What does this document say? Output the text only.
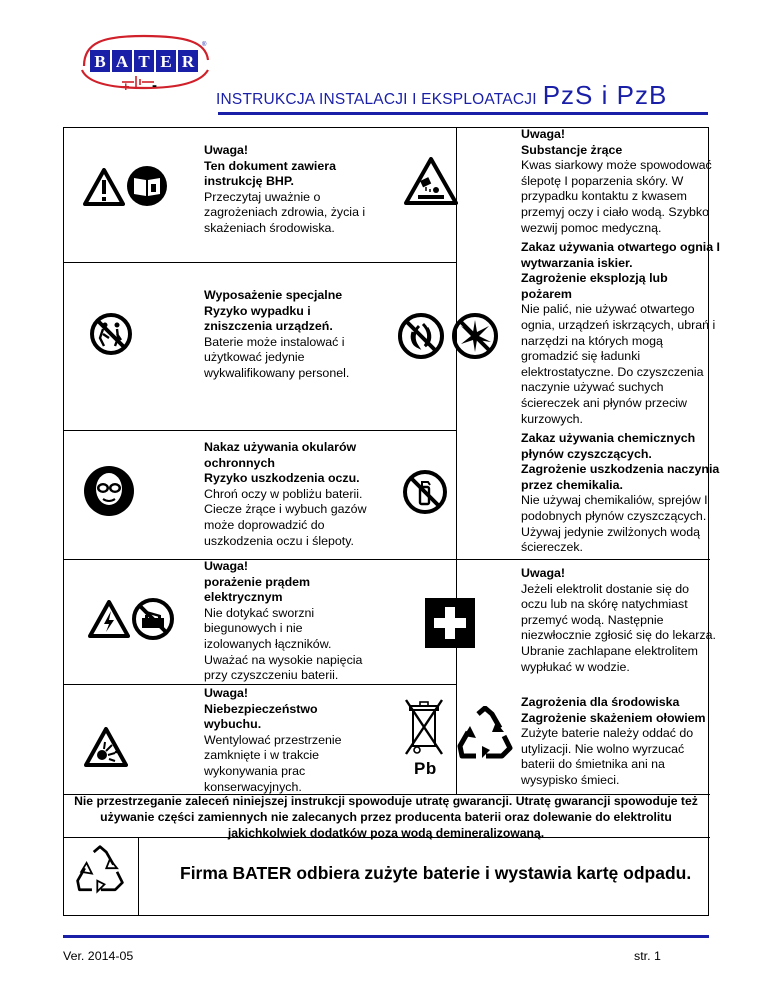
B A T E R
®
+ -
INSTRUKCJA INSTALACJI I EKSPLOATACJI PzS i PzB
Uwaga!
Ten dokument zawiera
instrukcję BHP.
Przeczytaj uważnie o
zagrożeniach zdrowia, życia i
skażeniach środowiska.
Uwaga!
Substancje żrące
Kwas siarkowy może spowodować
ślepotę I poparzenia skóry. W
przypadku kontaktu z kwasem
przemyj oczy i ciało wodą. Szybko
wezwij pomoc medyczną.
Wyposażenie specjalne
Ryzyko wypadku i
zniszczenia urządzeń.
Baterie może instalować i
użytkować jedynie
wykwalifikowany personel.
Zakaz używania otwartego ognia I
wytwarzania iskier.
Zagrożenie eksplozją lub
pożarem
Nie palić, nie używać otwartego
ognia, urządzeń iskrzących, ubrań i
narzędzi na których mogą
gromadzić się ładunki
elektrostatyczne. Do czyszczenia
naczynie używać suchych
ściereczek ani płynów przeciw
kurzowych.
Nakaz używania okularów
ochronnych
Ryzyko uszkodzenia oczu.
Chroń oczy w pobliżu baterii.
Ciecze żrące i wybuch gazów
może doprowadzić do
uszkodzenia oczu i ślepoty.
Zakaz używania chemicznych
płynów czyszczących.
Zagrożenie uszkodzenia naczynia
przez chemikalia.
Nie używaj chemikaliów, sprejów I
podobnych płynów czyszczących.
Używaj jedynie zwilżonych wodą
ściereczek.
Uwaga!
porażenie prądem
elektrycznym
Nie dotykać sworzni
biegunowych i nie
izolowanych łączników.
Uważać na wysokie napięcia
przy czyszczeniu baterii.
Uwaga!
Jeżeli elektrolit dostanie się do
oczu lub na skórę natychmiast
przemyć wodą. Następnie
niezwłocznie zgłosić się do lekarza.
Ubranie zachlapane elektrolitem
wypłukać w wodzie.
Uwaga!
Niebezpieczeństwo
wybuchu.
Wentylować przestrzenie
zamknięte i w trakcie
wykonywania prac
konserwacyjnych.
Pb
Zagrożenia dla środowiska
Zagrożenie skażeniem ołowiem
Zużyte baterie należy oddać do
utylizacji. Nie wolno wyrzucać
baterii do śmietnika ani na
wysypisko śmieci.
Nie przestrzeganie zaleceń niniejszej instrukcji spowoduje utratę gwarancji. Utratę gwarancji spowoduje też
używanie części zamiennych nie zalecanych przez producenta baterii oraz dolewanie do elektrolitu
jakichkolwiek dodatków poza wodą demineralizowaną.
Firma BATER odbiera zużyte baterie i wystawia kartę odpadu.
Ver. 2014-05	str. 1
